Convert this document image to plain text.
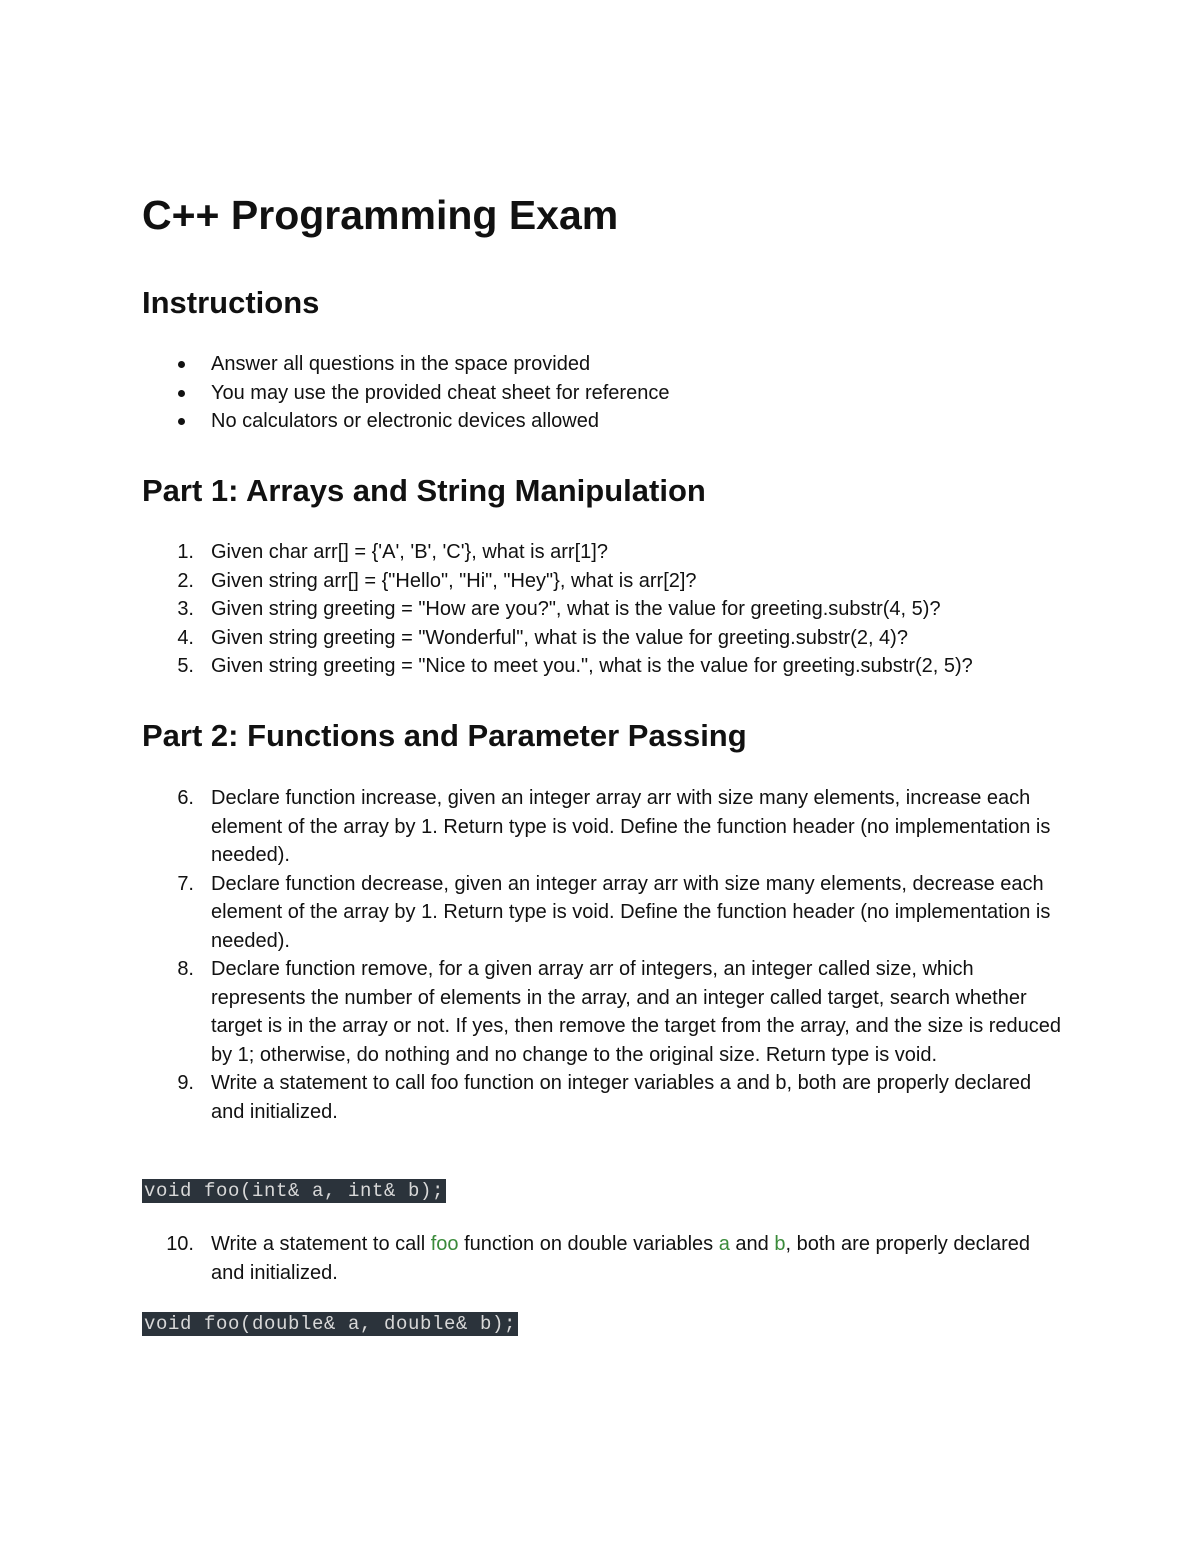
C++ Programming Exam
Instructions
Answer all questions in the space provided
You may use the provided cheat sheet for reference
No calculators or electronic devices allowed
Part 1: Arrays and String Manipulation
1. Given char arr[] = {'A', 'B', 'C'}, what is arr[1]?
2. Given string arr[] = {"Hello", "Hi", "Hey"}, what is arr[2]?
3. Given string greeting = "How are you?", what is the value for greeting.substr(4, 5)?
4. Given string greeting = "Wonderful", what is the value for greeting.substr(2, 4)?
5. Given string greeting = "Nice to meet you.", what is the value for greeting.substr(2, 5)?
Part 2: Functions and Parameter Passing
6. Declare function increase, given an integer array arr with size many elements, increase each element of the array by 1. Return type is void. Define the function header (no implementation is needed).
7. Declare function decrease, given an integer array arr with size many elements, decrease each element of the array by 1. Return type is void. Define the function header (no implementation is needed).
8. Declare function remove, for a given array arr of integers, an integer called size, which represents the number of elements in the array, and an integer called target, search whether target is in the array or not. If yes, then remove the target from the array, and the size is reduced by 1; otherwise, do nothing and no change to the original size. Return type is void.
9. Write a statement to call foo function on integer variables a and b, both are properly declared and initialized.
void foo(int& a, int& b);
10. Write a statement to call foo function on double variables a and b, both are properly declared and initialized.
void foo(double& a, double& b);
